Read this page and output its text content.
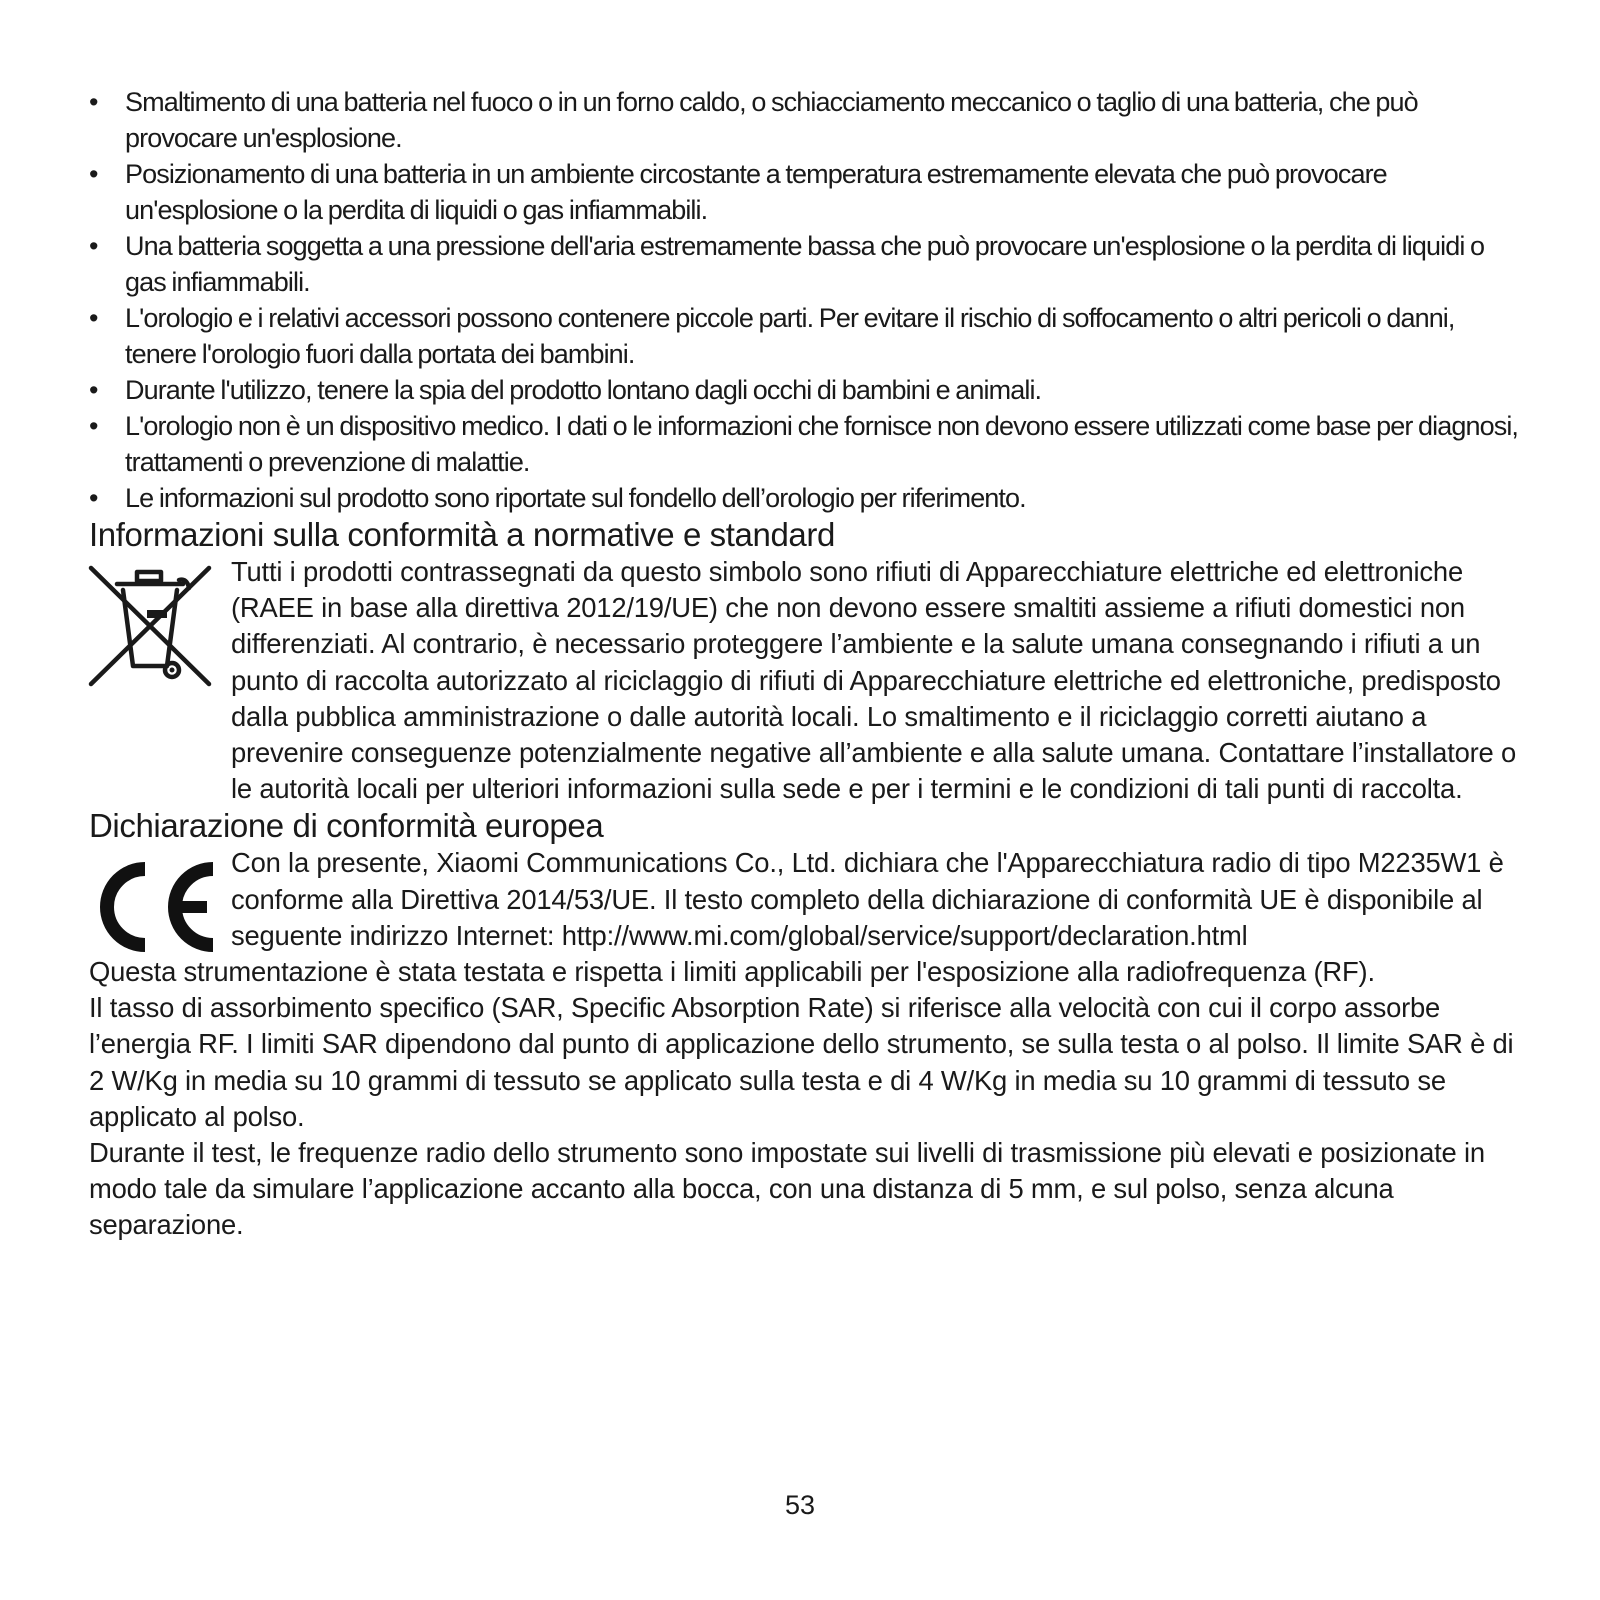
• Smaltimento di una batteria nel fuoco o in un forno caldo, o schiacciamento meccanico o taglio di una batteria, che può provocare un'esplosione.
• Posizionamento di una batteria in un ambiente circostante a temperatura estremamente elevata che può provocare un'esplosione o la perdita di liquidi o gas infiammabili.
• Una batteria soggetta a una pressione dell'aria estremamente bassa che può provocare un'esplosione o la perdita di liquidi o gas infiammabili.
• L'orologio e i relativi accessori possono contenere piccole parti. Per evitare il rischio di soffocamento o altri pericoli o danni, tenere l'orologio fuori dalla portata dei bambini.
• Durante l'utilizzo, tenere la spia del prodotto lontano dagli occhi di bambini e animali.
• L'orologio non è un dispositivo medico. I dati o le informazioni che fornisce non devono essere utilizzati come base per diagnosi, trattamenti o prevenzione di malattie.
• Le informazioni sul prodotto sono riportate sul fondello dell’orologio per riferimento.
Informazioni sulla conformità a normative e standard

Tutti i prodotti contrassegnati da questo simbolo sono rifiuti di Apparecchiature elettriche ed elettroniche (RAEE in base alla direttiva 2012/19/UE) che non devono essere smaltiti assieme a rifiuti domestici non differenziati. Al contrario, è necessario proteggere l’ambiente e la salute umana consegnando i rifiuti a un punto di raccolta autorizzato al riciclaggio di rifiuti di Apparecchiature elettriche ed elettroniche, predisposto dalla pubblica amministrazione o dalle autorità locali. Lo smaltimento e il riciclaggio corretti aiutano a prevenire conseguenze potenzialmente negative all’ambiente e alla salute umana. Contattare l’installatore o le autorità locali per ulteriori informazioni sulla sede e per i termini e le condizioni di tali punti di raccolta.

Dichiarazione di conformità europea

Con la presente, Xiaomi Communications Co., Ltd. dichiara che l'Apparecchiatura radio di tipo M2235W1 è conforme alla Direttiva 2014/53/UE. Il testo completo della dichiarazione di conformità UE è disponibile al seguente indirizzo Internet: http://www.mi.com/global/service/support/declaration.html

Questa strumentazione è stata testata e rispetta i limiti applicabili per l'esposizione alla radiofrequenza (RF).

Il tasso di assorbimento specifico (SAR, Specific Absorption Rate) si riferisce alla velocità con cui il corpo assorbe l’energia RF. I limiti SAR dipendono dal punto di applicazione dello strumento, se sulla testa o al polso. Il limite SAR è di 2 W/Kg in media su 10 grammi di tessuto se applicato sulla testa e di 4 W/Kg in media su 10 grammi di tessuto se applicato al polso.

Durante il test, le frequenze radio dello strumento sono impostate sui livelli di trasmissione più elevati e posizionate in modo tale da simulare l’applicazione accanto alla bocca, con una distanza di 5 mm, e sul polso, senza alcuna separazione.

53
